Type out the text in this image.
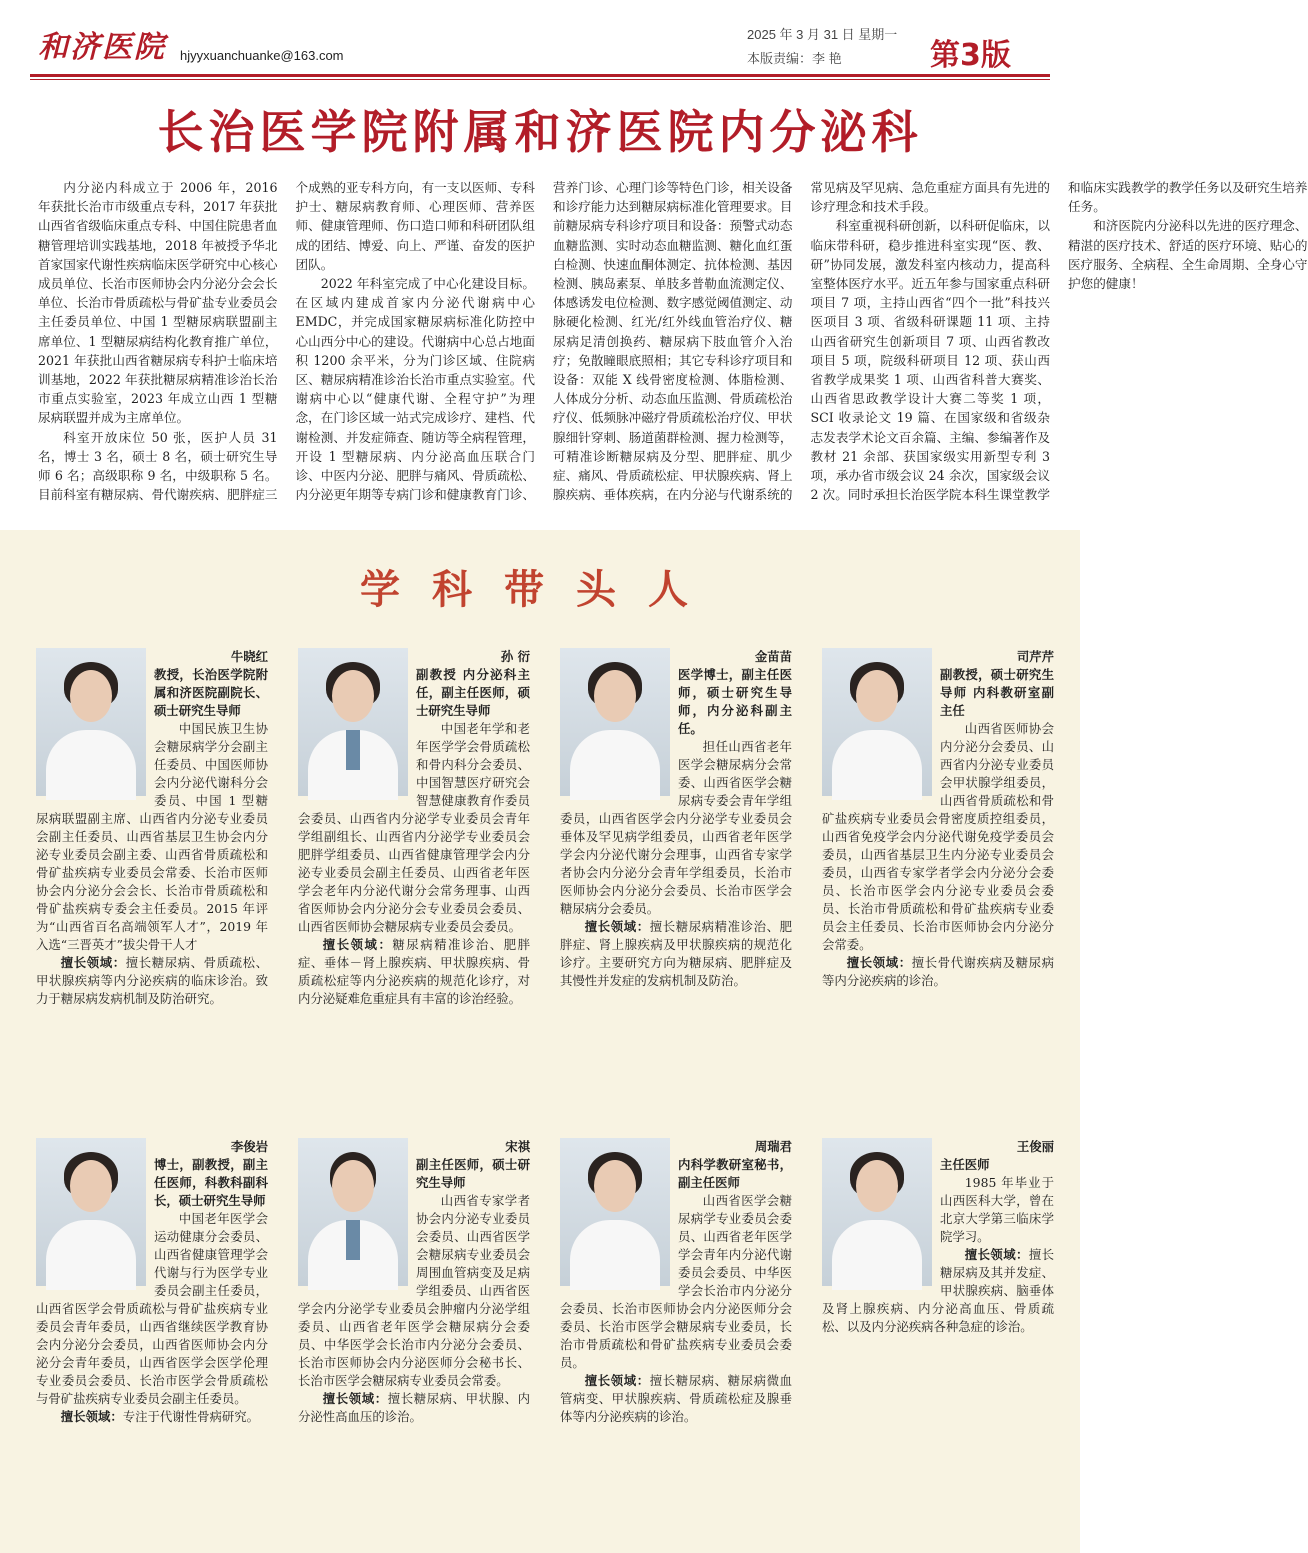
和济医院 hjyyxuanchuanke@163.com
2025 年 3 月 31 日 星期一
本版责编：李 艳	第3版
长治医学院附属和济医院内分泌科

内分泌内科成立于 2006 年，2016 年获批长治市市级重点专科，2017 年获批山西省省级临床重点专科、中国住院患者血糖管理培训实践基地，2018 年被授予华北首家国家代谢性疾病临床医学研究中心核心成员单位、长治市医师协会内分泌分会会长单位、长治市骨质疏松与骨矿盐专业委员会主任委员单位、中国 1 型糖尿病联盟副主席单位、1 型糖尿病结构化教育推广单位，2021 年获批山西省糖尿病专科护士临床培训基地，2022 年获批糖尿病精准诊治长治市重点实验室，2023 年成立山西 1 型糖尿病联盟并成为主席单位。

科室开放床位 50 张，医护人员 31 名，博士 3 名，硕士 8 名，硕士研究生导师 6 名；高级职称 9 名，中级职称 5 名。目前科室有糖尿病、骨代谢疾病、肥胖症三个成熟的亚专科方向，有一支以医师、专科护士、糖尿病教育师、心理医师、营养医师、健康管理师、伤口造口师和科研团队组成的团结、博爱、向上、严谨、奋发的医护团队。

2022 年科室完成了中心化建设目标。在区域内建成首家内分泌代谢病中心 EMDC，并完成国家糖尿病标准化防控中心山西分中心的建设。代谢病中心总占地面积 1200 余平米，分为门诊区域、住院病区、糖尿病精准诊治长治市重点实验室。代谢病中心以“健康代谢、全程守护”为理念，在门诊区域一站式完成诊疗、建档、代谢检测、并发症筛查、随访等全病程管理，开设 1 型糖尿病、内分泌高血压联合门诊、中医内分泌、肥胖与痛风、骨质疏松、内分泌更年期等专病门诊和健康教育门诊、营养门诊、心理门诊等特色门诊，相关设备和诊疗能力达到糖尿病标准化管理要求。目前糖尿病专科诊疗项目和设备：预警式动态血糖监测、实时动态血糖监测、糖化血红蛋白检测、快速血酮体测定、抗体检测、基因检测、胰岛素泵、单肢多普勒血流测定仪、体感诱发电位检测、数字感觉阈值测定、动脉硬化检测、红光/红外线血管治疗仪、糖尿病足清创换药、糖尿病下肢血管介入治疗；免散瞳眼底照相；其它专科诊疗项目和设备：双能 X 线骨密度检测、体脂检测、人体成分分析、动态血压监测、骨质疏松治疗仪、低频脉冲磁疗骨质疏松治疗仪、甲状腺细针穿刺、肠道菌群检测、握力检测等，可精准诊断糖尿病及分型、肥胖症、肌少症、痛风、骨质疏松症、甲状腺疾病、肾上腺疾病、垂体疾病，在内分泌与代谢系统的常见病及罕见病、急危重症方面具有先进的诊疗理念和技术手段。

科室重视科研创新，以科研促临床，以临床带科研，稳步推进科室实现“医、教、研”协同发展，激发科室内核动力，提高科室整体医疗水平。近五年参与国家重点科研项目 7 项，主持山西省“四个一批”科技兴医项目 3 项、省级科研课题 11 项、主持山西省研究生创新项目 7 项、山西省教改项目 5 项，院级科研项目 12 项、获山西省教学成果奖 1 项、山西省科普大赛奖、山西省思政教学设计大赛二等奖 1 项，SCI 收录论文 19 篇、在国家级和省级杂志发表学术论文百余篇、主编、参编著作及教材 21 余部、获国家级实用新型专利 3 项，承办省市级会议 24 余次，国家级会议 2 次。同时承担长治医学院本科生课堂教学和临床实践教学的教学任务以及研究生培养任务。

和济医院内分泌科以先进的医疗理念、精湛的医疗技术、舒适的医疗环境、贴心的医疗服务、全病程、全生命周期、全身心守护您的健康！

学科带头人
牛晓红
教授，长治医学院附属和济医院副院长、硕士研究生导师

中国民族卫生协会糖尿病学分会副主任委员、中国医师协会内分泌代谢科分会委员、中国 1 型糖尿病联盟副主席、山西省内分泌专业委员会副主任委员、山西省基层卫生协会内分泌专业委员会副主委、山西省骨质疏松和骨矿盐疾病专业委员会常委、长治市医师协会内分泌分会会长、长治市骨质疏松和骨矿盐疾病专委会主任委员。2015 年评为“山西省百名高端领军人才”，2019 年入选“三晋英才”拔尖骨干人才

擅长领域：擅长糖尿病、骨质疏松、甲状腺疾病等内分泌疾病的临床诊治。致力于糖尿病发病机制及防治研究。

孙 衍
副教授 内分泌科主任，副主任医师，硕士研究生导师

中国老年学和老年医学学会骨质疏松和骨内科分会委员、中国智慧医疗研究会智慧健康教育作委员会委员、山西省内分泌学专业委员会青年学组副组长、山西省内分泌学专业委员会肥胖学组委员、山西省健康管理学会内分泌专业委员会副主任委员、山西省老年医学会老年内分泌代谢分会常务理事、山西省医师协会内分泌分会专业委员会委员、山西省医师协会糖尿病专业委员会委员。

擅长领域：糖尿病精准诊治、肥胖症、垂体－肾上腺疾病、甲状腺疾病、骨质疏松症等内分泌疾病的规范化诊疗，对内分泌疑难危重症具有丰富的诊治经验。

金苗苗
医学博士，副主任医师，硕士研究生导师，内分泌科副主任。

担任山西省老年医学会糖尿病分会常委、山西省医学会糖尿病专委会青年学组委员，山西省医学会内分泌学专业委员会垂体及罕见病学组委员，山西省老年医学学会内分泌代谢分会理事，山西省专家学者协会内分泌分会青年学组委员，长治市医师协会内分泌分会委员、长治市医学会糖尿病分会委员。

擅长领域：擅长糖尿病精准诊治、肥胖症、肾上腺疾病及甲状腺疾病的规范化诊疗。主要研究方向为糖尿病、肥胖症及其慢性并发症的发病机制及防治。

司芹芹
副教授，硕士研究生导师 内科教研室副主任

山西省医师协会内分泌分会委员、山西省内分泌专业委员会甲状腺学组委员，山西省骨质疏松和骨矿盐疾病专业委员会骨密度质控组委员，山西省免疫学会内分泌代谢免疫学委员会委员，山西省基层卫生内分泌专业委员会委员，山西省专家学者学会内分泌分会委员、长治市医学会内分泌专业委员会委员、长治市骨质疏松和骨矿盐疾病专业委员会主任委员、长治市医师协会内分泌分会常委。

擅长领域：擅长骨代谢疾病及糖尿病等内分泌疾病的诊治。

李俊岩
博士，副教授，副主任医师，科教科副科长，硕士研究生导师

中国老年医学会运动健康分会委员、山西省健康管理学会代谢与行为医学专业委员会副主任委员，山西省医学会骨质疏松与骨矿盐疾病专业委员会青年委员，山西省继续医学教育协会内分泌分会委员，山西省医师协会内分泌分会青年委员，山西省医学会医学伦理专业委员会委员、长治市医学会骨质疏松与骨矿盐疾病专业委员会副主任委员。

擅长领域：专注于代谢性骨病研究。

宋祺
副主任医师，硕士研究生导师

山西省专家学者协会内分泌专业委员会委员、山西省医学会糖尿病专业委员会周围血管病变及足病学组委员、山西省医学会内分泌学专业委员会肿瘤内分泌学组委员、山西省老年医学会糖尿病分会委员、中华医学会长治市内分泌分会委员、长治市医师协会内分泌医师分会秘书长、长治市医学会糖尿病专业委员会常委。

擅长领域：擅长糖尿病、甲状腺、内分泌性高血压的诊治。

周瑞君
内科学教研室秘书，副主任医师

山西省医学会糖尿病学专业委员会委员、山西省老年医学学会青年内分泌代谢委员会委员、中华医学会长治市内分泌分会委员、长治市医师协会内分泌医师分会委员、长治市医学会糖尿病专业委员，长治市骨质疏松和骨矿盐疾病专业委员会委员。

擅长领域：擅长糖尿病、糖尿病微血管病变、甲状腺疾病、骨质疏松症及腺垂体等内分泌疾病的诊治。

王俊丽
主任医师

1985 年毕业于山西医科大学，曾在北京大学第三临床学院学习。

擅长领域：擅长糖尿病及其并发症、甲状腺疾病、脑垂体及肾上腺疾病、内分泌高血压、骨质疏松、以及内分泌疾病各种急症的诊治。
